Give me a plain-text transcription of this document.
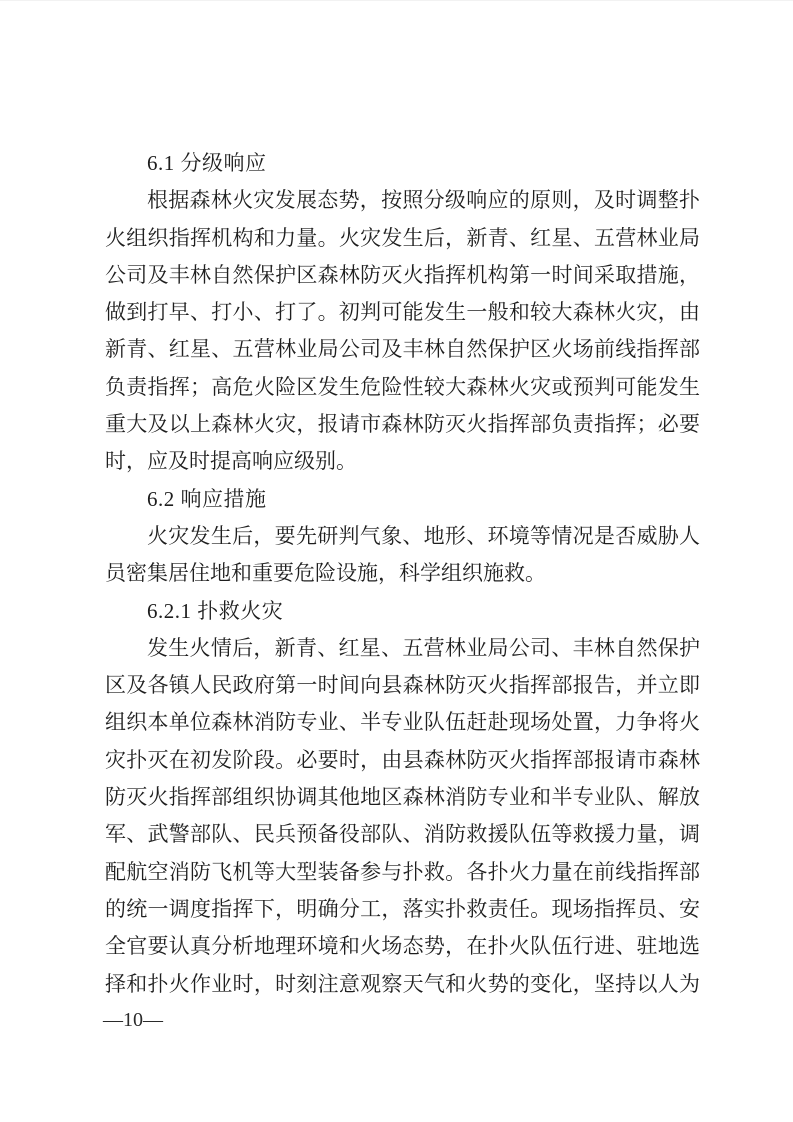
6.1 分级响应
根据森林火灾发展态势，按照分级响应的原则，及时调整扑
火组织指挥机构和力量。火灾发生后，新青、红星、五营林业局
公司及丰林自然保护区森林防灭火指挥机构第一时间采取措施，
做到打早、打小、打了。初判可能发生一般和较大森林火灾，由
新青、红星、五营林业局公司及丰林自然保护区火场前线指挥部
负责指挥；高危火险区发生危险性较大森林火灾或预判可能发生
重大及以上森林火灾，报请市森林防灭火指挥部负责指挥；必要
时，应及时提高响应级别。
6.2 响应措施
火灾发生后，要先研判气象、地形、环境等情况是否威胁人
员密集居住地和重要危险设施，科学组织施救。
6.2.1 扑救火灾
发生火情后，新青、红星、五营林业局公司、丰林自然保护
区及各镇人民政府第一时间向县森林防灭火指挥部报告，并立即
组织本单位森林消防专业、半专业队伍赶赴现场处置，力争将火
灾扑灭在初发阶段。必要时，由县森林防灭火指挥部报请市森林
防灭火指挥部组织协调其他地区森林消防专业和半专业队、解放
军、武警部队、民兵预备役部队、消防救援队伍等救援力量，调
配航空消防飞机等大型装备参与扑救。各扑火力量在前线指挥部
的统一调度指挥下，明确分工，落实扑救责任。现场指挥员、安
全官要认真分析地理环境和火场态势，在扑火队伍行进、驻地选
择和扑火作业时，时刻注意观察天气和火势的变化，坚持以人为
—10—
